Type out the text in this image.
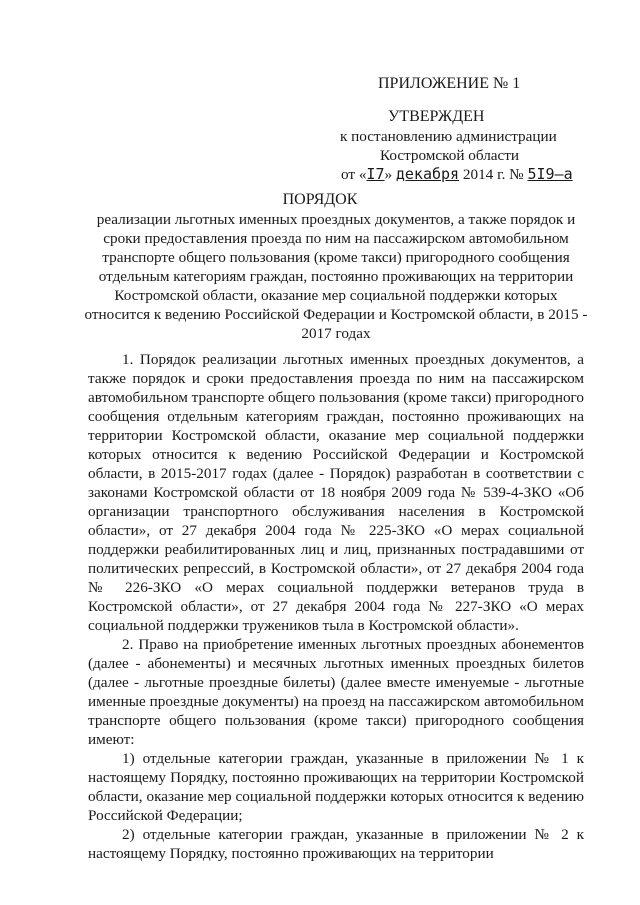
ПРИЛОЖЕНИЕ № 1
УТВЕРЖДЕН
к постановлению администрации
Костромской области
от «I7» декабря 2014 г. № 5I9–а
ПОРЯДОК
реализации льготных именных проездных документов, а также порядок и сроки предоставления проезда по ним на пассажирском автомобильном транспорте общего пользования (кроме такси) пригородного сообщения отдельным категориям граждан, постоянно проживающих на территории Костромской области, оказание мер социальной поддержки которых относится к ведению Российской Федерации и Костромской области, в 2015 - 2017 годах

1. Порядок реализации льготных именных проездных документов, а также порядок и сроки предоставления проезда по ним на пассажирском автомобильном транспорте общего пользования (кроме такси) пригородного сообщения отдельным категориям граждан, постоянно проживающих на территории Костромской области, оказание мер социальной поддержки которых относится к ведению Российской Федерации и Костромской области, в 2015-2017 годах (далее - Порядок) разработан в соответствии с законами Костромской области от 18 ноября 2009 года № 539-4-ЗКО «Об организации транспортного обслуживания населения в Костромской области», от 27 декабря 2004 года № 225-ЗКО «О мерах социальной поддержки реабилитированных лиц и лиц, признанных пострадавшими от политических репрессий, в Костромской области», от 27 декабря 2004 года № 226-ЗКО «О мерах социальной поддержки ветеранов труда в Костромской области», от 27 декабря 2004 года № 227-ЗКО «О мерах социальной поддержки тружеников тыла в Костромской области».

2. Право на приобретение именных льготных проездных абонементов (далее - абонементы) и месячных льготных именных проездных билетов (далее - льготные проездные билеты) (далее вместе именуемые - льготные именные проездные документы) на проезд на пассажирском автомобильном транспорте общего пользования (кроме такси) пригородного сообщения имеют:

1) отдельные категории граждан, указанные в приложении № 1 к настоящему Порядку, постоянно проживающих на территории Костромской области, оказание мер социальной поддержки которых относится к ведению Российской Федерации;

2) отдельные категории граждан, указанные в приложении № 2 к настоящему Порядку, постоянно проживающих на территории
